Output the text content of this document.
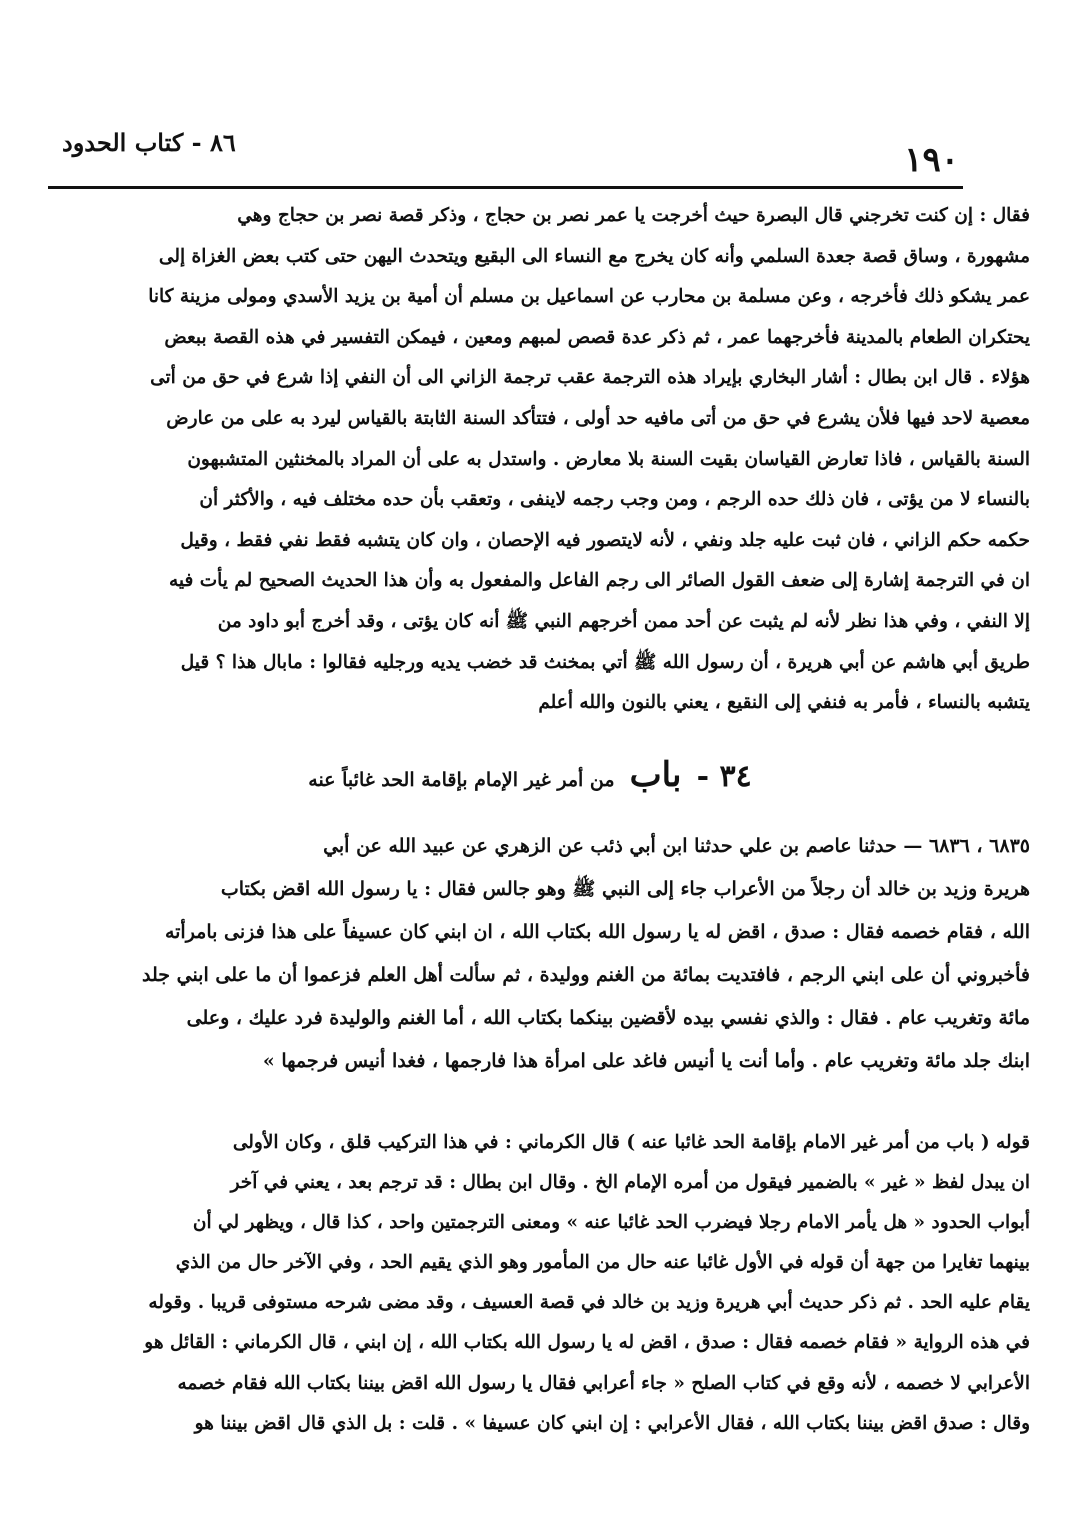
٨٦ - كتاب الحدود	١٩٠
فقال : إن كنت تخرجني قال البصرة حيث أخرجت يا عمر نصر بن حجاج ، وذكر قصة نصر بن حجاج وهي
مشهورة ، وساق قصة جعدة السلمي وأنه كان يخرج مع النساء الى البقيع ويتحدث اليهن حتى كتب بعض الغزاة إلى
عمر يشكو ذلك فأخرجه ، وعن مسلمة بن محارب عن اسماعيل بن مسلم أن أمية بن يزيد الأسدي ومولى مزينة كانا
يحتكران الطعام بالمدينة فأخرجهما عمر ، ثم ذكر عدة قصص لمبهم ومعين ، فيمكن التفسير في هذه القصة ببعض
هؤلاء . قال ابن بطال : أشار البخاري بإيراد هذه الترجمة عقب ترجمة الزاني الى أن النفي إذا شرع في حق من أتى
معصية لاحد فيها فلأن يشرع في حق من أتى مافيه حد أولى ، فتتأكد السنة الثابتة بالقياس ليرد به على من عارض
السنة بالقياس ، فاذا تعارض القياسان بقيت السنة بلا معارض . واستدل به على أن المراد بالمخنثين المتشبهون
بالنساء لا من يؤتى ، فان ذلك حده الرجم ، ومن وجب رجمه لاينفى ، وتعقب بأن حده مختلف فيه ، والأكثر أن
حكمه حكم الزاني ، فان ثبت عليه جلد ونفي ، لأنه لايتصور فيه الإحصان ، وان كان يتشبه فقط نفي فقط ، وقيل
ان في الترجمة إشارة إلى ضعف القول الصائر الى رجم الفاعل والمفعول به وأن هذا الحديث الصحيح لم يأت فيه
إلا النفي ، وفي هذا نظر لأنه لم يثبت عن أحد ممن أخرجهم النبي ﷺ أنه كان يؤتى ، وقد أخرج أبو داود من
طريق أبي هاشم عن أبي هريرة ، أن رسول الله ﷺ أتي بمخنث قد خضب يديه ورجليه فقالوا : مابال هذا ؟ قيل
يتشبه بالنساء ، فأمر به فنفي إلى النقيع ، يعني بالنون والله أعلم
٣٤ - باب من أمر غير الإمام بإقامة الحد غائباً عنه
٦٨٣٥ ، ٦٨٣٦ — حدثنا عاصم بن علي حدثنا ابن أبي ذئب عن الزهري عن عبيد الله عن أبي
هريرة وزيد بن خالد أن رجلاً من الأعراب جاء إلى النبي ﷺ وهو جالس فقال : يا رسول الله اقض بكتاب
الله ، فقام خصمه فقال : صدق ، اقض له يا رسول الله بكتاب الله ، ان ابني كان عسيفاً على هذا فزنى بامرأته
فأخبروني أن على ابني الرجم ، فافتديت بمائة من الغنم ووليدة ، ثم سألت أهل العلم فزعموا أن ما على ابني جلد
مائة وتغريب عام . فقال : والذي نفسي بيده لأقضين بينكما بكتاب الله ، أما الغنم والوليدة فرد عليك ، وعلى
ابنك جلد مائة وتغريب عام . وأما أنت يا أنيس فاغد على امرأة هذا فارجمها ، فغدا أنيس فرجمها »
قوله ( باب من أمر غير الامام بإقامة الحد غائبا عنه ) قال الكرماني : في هذا التركيب قلق ، وكان الأولى
ان يبدل لفظ « غير » بالضمير فيقول من أمره الإمام الخ . وقال ابن بطال : قد ترجم بعد ، يعني في آخر
أبواب الحدود « هل يأمر الامام رجلا فيضرب الحد غائبا عنه » ومعنى الترجمتين واحد ، كذا قال ، ويظهر لي أن
بينهما تغايرا من جهة أن قوله في الأول غائبا عنه حال من المأمور وهو الذي يقيم الحد ، وفي الآخر حال من الذي
يقام عليه الحد . ثم ذكر حديث أبي هريرة وزيد بن خالد في قصة العسيف ، وقد مضى شرحه مستوفى قريبا . وقوله
في هذه الرواية « فقام خصمه فقال : صدق ، اقض له يا رسول الله بكتاب الله ، إن ابني ، قال الكرماني : القائل هو
الأعرابي لا خصمه ، لأنه وقع في كتاب الصلح « جاء أعرابي فقال يا رسول الله اقض بيننا بكتاب الله فقام خصمه
وقال : صدق اقض بيننا بكتاب الله ، فقال الأعرابي : إن ابني كان عسيفا » . قلت : بل الذي قال اقض بيننا هو
